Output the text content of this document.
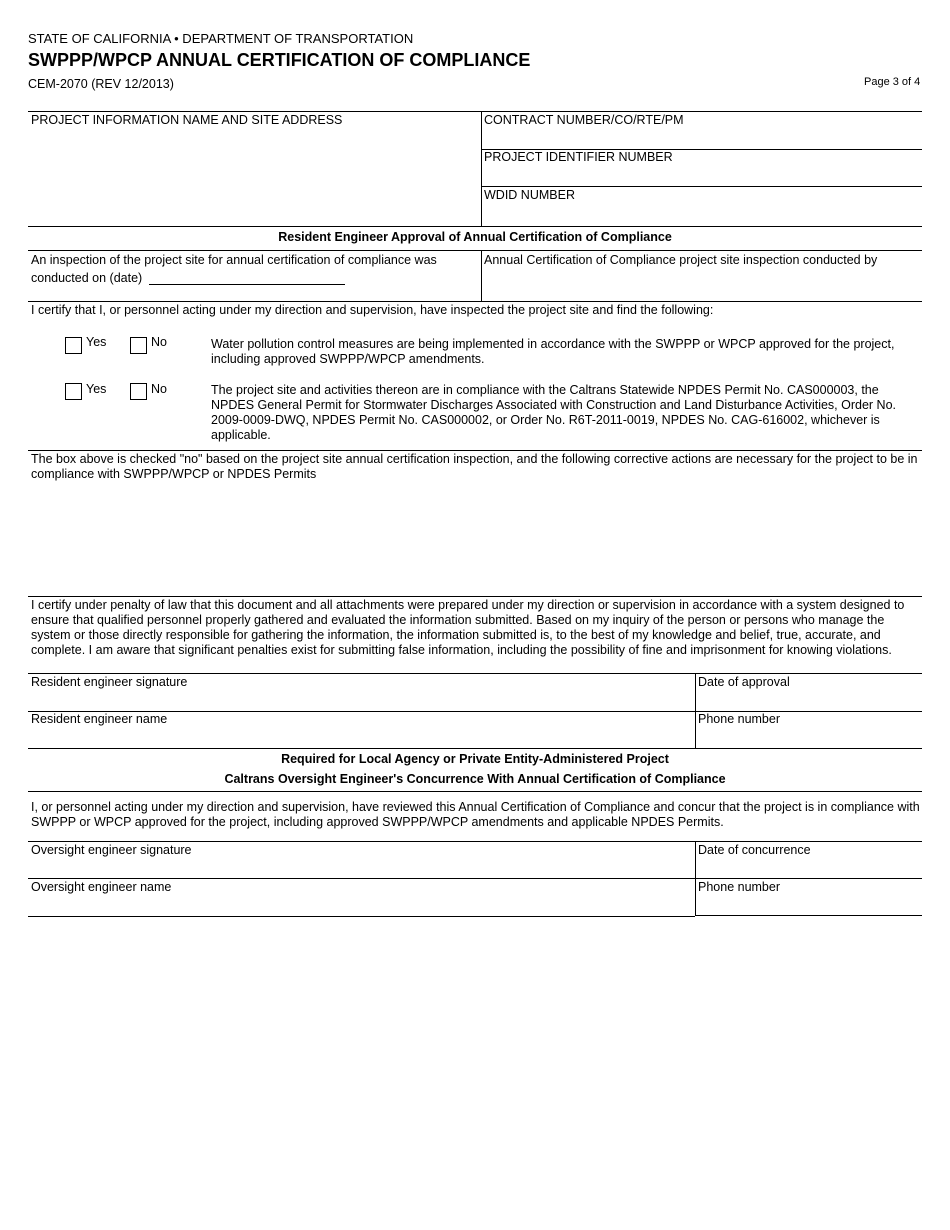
STATE OF CALIFORNIA • DEPARTMENT OF TRANSPORTATION
SWPPP/WPCP ANNUAL CERTIFICATION OF COMPLIANCE
CEM-2070 (REV 12/2013)	Page 3 of 4
PROJECT INFORMATION NAME AND SITE ADDRESS	CONTRACT NUMBER/CO/RTE/PM
PROJECT IDENTIFIER NUMBER
WDID NUMBER
Resident Engineer Approval of Annual Certification of Compliance
An inspection of the project site for annual certification of compliance was
conducted on (date)
Annual Certification of Compliance project site inspection conducted by
I certify that I, or personnel acting under my direction and supervision, have inspected the project site and find the following:
Yes	No	Water pollution control measures are being implemented in accordance with the SWPPP or WPCP approved for the project,
including approved SWPPP/WPCP amendments.
Yes	No	The project site and activities thereon are in compliance with the Caltrans Statewide NPDES Permit No. CAS000003, the
NPDES General Permit for Stormwater Discharges Associated with Construction and Land Disturbance Activities, Order No.
2009-0009-DWQ, NPDES Permit No. CAS000002, or Order No. R6T-2011-0019, NPDES No. CAG-616002, whichever is
applicable.
The box above is checked "no" based on the project site annual certification inspection, and the following corrective actions are necessary for the project to be in
compliance with SWPPP/WPCP or NPDES Permits
I certify under penalty of law that this document and all attachments were prepared under my direction or supervision in accordance with a system designed to
ensure that qualified personnel properly gathered and evaluated the information submitted. Based on my inquiry of the person or persons who manage the
system or those directly responsible for gathering the information, the information submitted is, to the best of my knowledge and belief, true, accurate, and
complete. I am aware that significant penalties exist for submitting false information, including the possibility of fine and imprisonment for knowing violations.
Resident engineer signature	Date of approval
Resident engineer name	Phone number
Required for Local Agency or Private Entity-Administered Project
Caltrans Oversight Engineer's Concurrence With Annual Certification of Compliance
I, or personnel acting under my direction and supervision, have reviewed this Annual Certification of Compliance and concur that the project is in compliance with
SWPPP or WPCP approved for the project, including approved SWPPP/WPCP amendments and applicable NPDES Permits.
Oversight engineer signature	Date of concurrence
Oversight engineer name	Phone number
